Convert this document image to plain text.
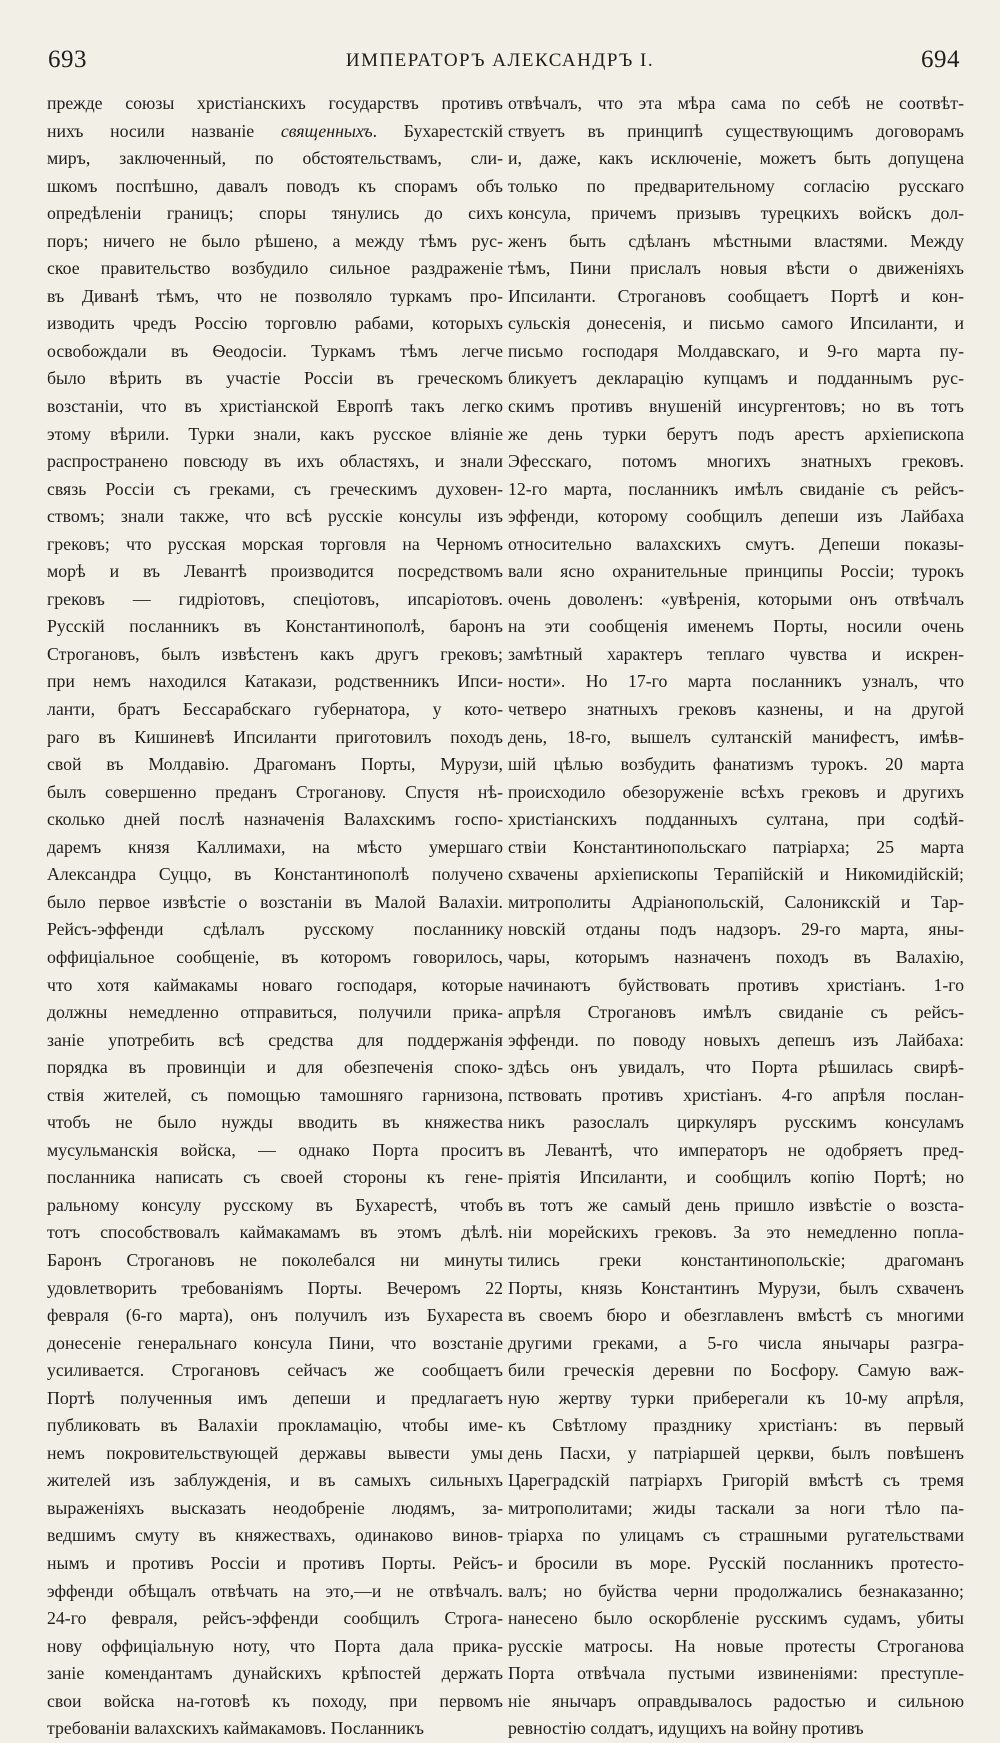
693	ИМПЕРАТОРЪ АЛЕКСАНДРЪ I.	694
прежде союзы христіанскихъ государствъ противъ
нихъ носили названіе священныхъ. Бухарестскій
миръ, заключенный, по обстоятельствамъ, сли-
шкомъ поспѣшно, давалъ поводъ къ спорамъ объ
опредѣленіи границъ; споры тянулись до сихъ
поръ; ничего не было рѣшено, а между тѣмъ рус-
ское правительство возбудило сильное раздраженіе
въ Диванѣ тѣмъ, что не позволяло туркамъ про-
изводить чредъ Россію торговлю рабами, которыхъ
освобождали въ Ѳеодосіи. Туркамъ тѣмъ легче
было вѣрить въ участіе Россіи въ греческомъ
возстаніи, что въ христіанской Европѣ такъ легко
этому вѣрили. Турки знали, какъ русское вліяніе
распространено повсюду въ ихъ областяхъ, и знали
связь Россіи съ греками, съ греческимъ духовен-
ствомъ; знали также, что всѣ русскіе консулы изъ
грековъ; что русская морская торговля на Черномъ
морѣ и въ Левантѣ производится посредствомъ
грековъ — гидріотовъ, спеціотовъ, ипсаріотовъ.
Русскій посланникъ въ Константинополѣ, баронъ
Строгановъ, былъ извѣстенъ какъ другъ грековъ;
при немъ находился Катакази, родственникъ Ипси-
ланти, братъ Бессарабскаго губернатора, у кото-
раго въ Кишиневѣ Ипсиланти приготовилъ походъ
свой въ Молдавію. Драгоманъ Порты, Мурузи,
былъ совершенно преданъ Строганову. Спустя нѣ-
сколько дней послѣ назначенія Валахскимъ госпо-
даремъ князя Каллимахи, на мѣсто умершаго
Александра Суццо, въ Константинополѣ получено
было первое извѣстіе о возстаніи въ Малой Валахіи.
Рейсъ-эффенди сдѣлалъ русскому посланнику
оффиціальное сообщеніе, въ которомъ говорилось,
что хотя каймакамы новаго господаря, которые
должны немедленно отправиться, получили прика-
заніе употребить всѣ средства для поддержанія
порядка въ провинціи и для обезпеченія споко-
ствія жителей, съ помощью тамошняго гарнизона,
чтобъ не было нужды вводить въ княжества
мусульманскія войска, — однако Порта проситъ
посланника написать съ своей стороны къ гене-
ральному консулу русскому въ Бухарестѣ, чтобъ
тотъ способствовалъ каймакамамъ въ этомъ дѣлѣ.
Баронъ Строгановъ не поколебался ни минуты
удовлетворить требованіямъ Порты. Вечеромъ 22
февраля (6-го марта), онъ получилъ изъ Бухареста
донесеніе генеральнаго консула Пини, что возстаніе
усиливается. Строгановъ сейчасъ же сообщаетъ
Портѣ полученныя имъ депеши и предлагаетъ
публиковать въ Валахіи прокламацію, чтобы име-
немъ покровительствующей державы вывести умы
жителей изъ заблужденія, и въ самыхъ сильныхъ
выраженіяхъ высказать неодобреніе людямъ, за-
ведшимъ смуту въ княжествахъ, одинаково винов-
нымъ и противъ Россіи и противъ Порты. Рейсъ-
эффенди обѣщалъ отвѣчать на это,—и не отвѣчалъ.
24-го февраля, рейсъ-эффенди сообщилъ Строга-
нову оффиціальную ноту, что Порта дала прика-
заніе комендантамъ дунайскихъ крѣпостей держать
свои войска на-готовѣ къ походу, при первомъ
требованіи валахскихъ каймакамовъ. Посланникъ
отвѣчалъ, что эта мѣра сама по себѣ не соотвѣт-
ствуетъ въ принципѣ существующимъ договорамъ
и, даже, какъ исключеніе, можетъ быть допущена
только по предварительному согласію русскаго
консула, причемъ призывъ турецкихъ войскъ дол-
женъ быть сдѣланъ мѣстными властями. Между
тѣмъ, Пини прислалъ новыя вѣсти о движеніяхъ
Ипсиланти. Строгановъ сообщаетъ Портѣ и кон-
сульскія донесенія, и письмо самого Ипсиланти, и
письмо господаря Молдавскаго, и 9-го марта пу-
бликуетъ декларацію купцамъ и подданнымъ рус-
скимъ противъ внушеній инсургентовъ; но въ тотъ
же день турки берутъ подъ арестъ архіепископа
Эфесскаго, потомъ многихъ знатныхъ грековъ.
12-го марта, посланникъ имѣлъ свиданіе съ рейсъ-
эффенди, которому сообщилъ депеши изъ Лайбаха
относительно валахскихъ смутъ. Депеши показы-
вали ясно охранительные принципы Россіи; турокъ
очень доволенъ: «увѣренія, которыми онъ отвѣчалъ
на эти сообщенія именемъ Порты, носили очень
замѣтный характеръ теплаго чувства и искрен-
ности». Но 17-го марта посланникъ узналъ, что
четверо знатныхъ грековъ казнены, и на другой
день, 18-го, вышелъ султанскій манифестъ, имѣв-
шій цѣлью возбудить фанатизмъ турокъ. 20 марта
происходило обезоруженіе всѣхъ грековъ и другихъ
христіанскихъ подданныхъ султана, при содѣй-
ствіи Константинопольскаго патріарха; 25 марта
схвачены архіепископы Терапійскій и Никомидійскій;
митрополиты Адріанопольскій, Салоникскій и Тар-
новскій отданы подъ надзоръ. 29-го марта, яны-
чары, которымъ назначенъ походъ въ Валахію,
начинаютъ буйствовать противъ христіанъ. 1-го
апрѣля Строгановъ имѣлъ свиданіе съ рейсъ-
эффенди. по поводу новыхъ депешъ изъ Лайбаха:
здѣсь онъ увидалъ, что Порта рѣшилась свирѣ-
пствовать противъ христіанъ. 4-го апрѣля послан-
никъ разослалъ циркуляръ русскимъ консуламъ
въ Левантѣ, что императоръ не одобряетъ пред-
пріятія Ипсиланти, и сообщилъ копію Портѣ; но
въ тотъ же самый день пришло извѣстіе о возста-
ніи морейскихъ грековъ. За это немедленно попла-
тились греки константинопольскіе; драгоманъ
Порты, князь Константинъ Мурузи, былъ схваченъ
въ своемъ бюро и обезглавленъ вмѣстѣ съ многими
другими греками, а 5-го числа янычары разгра-
били греческія деревни по Босфору. Самую важ-
ную жертву турки приберегали къ 10-му апрѣля,
къ Свѣтлому празднику христіанъ: въ первый
день Пасхи, у патріаршей церкви, былъ повѣшенъ
Цареградскій патріархъ Григорій вмѣстѣ съ тремя
митрополитами; жиды таскали за ноги тѣло па-
тріарха по улицамъ съ страшными ругательствами
и бросили въ море. Русскій посланникъ протесто-
валъ; но буйства черни продолжались безнаказанно;
нанесено было оскорбленіе русскимъ судамъ, убиты
русскіе матросы. На новые протесты Строганова
Порта отвѣчала пустыми извиненіями: преступле-
ніе янычаръ оправдывалось радостью и сильною
ревностію солдатъ, идущихъ на войну противъ
